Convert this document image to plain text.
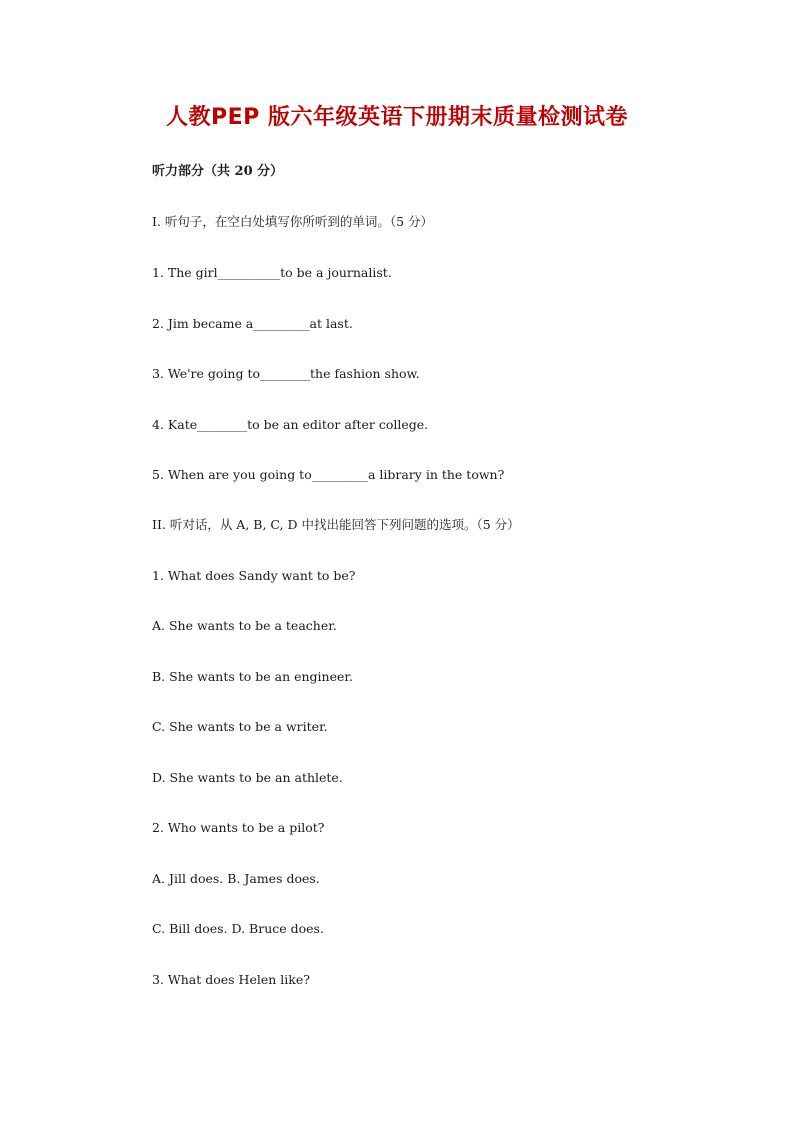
人教PEP 版六年级英语下册期末质量检测试卷
听力部分（共 20 分）
I. 听句子，在空白处填写你所听到的单词。（5 分）
1. The girl__________to be a journalist.
2. Jim became a_________at last.
3. We're going to________the fashion show.
4. Kate________to be an editor after college.
5. When are you going to_________a library in the town?
II. 听对话，从 A, B, C, D 中找出能回答下列问题的选项。（5 分）
1. What does Sandy want to be?
A. She wants to be a teacher.
B. She wants to be an engineer.
C. She wants to be a writer.
D. She wants to be an athlete.
2. Who wants to be a pilot?
A. Jill does. B. James does.
C. Bill does. D. Bruce does.
3. What does Helen like?
